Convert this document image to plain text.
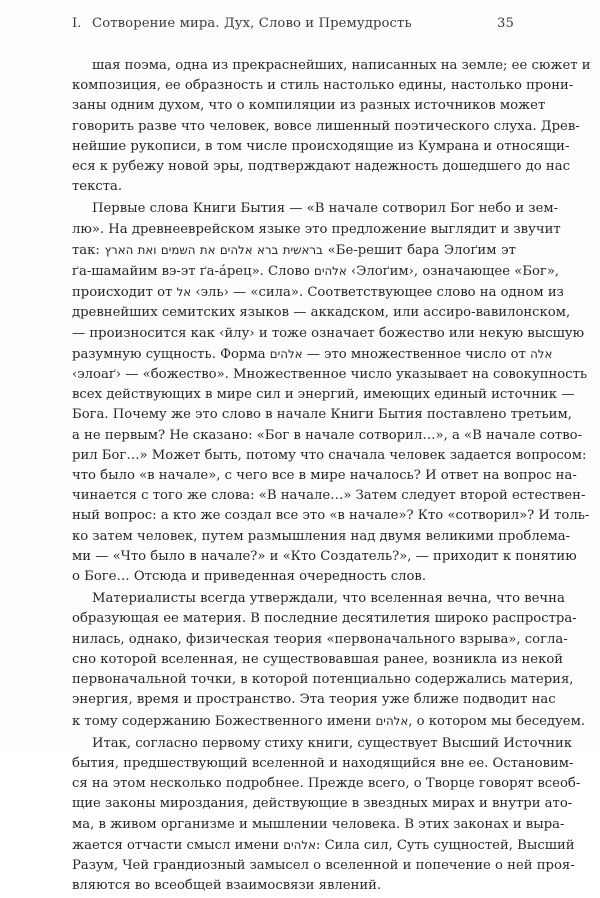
I. Сотворение мира. Дух, Слово и Премудрость	35
шая поэма, одна из прекраснейших, написанных на земле; ее сюжет и
композиция, ее образность и стиль настолько едины, настолько прони-
заны одним духом, что о компиляции из разных источников может
говорить разве что человек, вовсе лишенный поэтического слуха. Древ-
нейшие рукописи, в том числе происходящие из Кумрана и относящи-
еся к рубежу новой эры, подтверждают надежность дошедшего до нас
текста.
Первые слова Книги Бытия — «В начале сотворил Бог небо и зем-
лю». На древнееврейском языке это предложение выглядит и звучит
так: בראשית ברא אלהים את השמים ואת הארץ «Бе-решит бара Элоґим эт
ґа-шамайим вэ-эт ґа-áрец». Слово אלהים ‹Элоґим›, означающее «Бог»,
происходит от אל ‹эль› — «сила». Соответствующее слово на одном из
древнейших семитских языков — аккадском, или ассиро-вавилонском,
— произносится как ‹йлу› и тоже означает божество или некую высшую
разумную сущность. Форма אלהים — это множественное число от אלה
‹элоаґ› — «божество». Множественное число указывает на совокупность
всех действующих в мире сил и энергий, имеющих единый источник —
Бога. Почему же это слово в начале Книги Бытия поставлено третьим,
а не первым? Не сказано: «Бог в начале сотворил…», а «В начале сотво-
рил Бог…» Может быть, потому что сначала человек задается вопросом:
что было «в начале», с чего все в мире началось? И ответ на вопрос на-
чинается с того же слова: «В начале…» Затем следует второй естествен-
ный вопрос: а кто же создал все это «в начале»? Кто «сотворил»? И толь-
ко затем человек, путем размышления над двумя великими проблема-
ми — «Что было в начале?» и «Кто Создатель?», — приходит к понятию
о Боге… Отсюда и приведенная очередность слов.
Материалисты всегда утверждали, что вселенная вечна, что вечна
образующая ее материя. В последние десятилетия широко распростра-
нилась, однако, физическая теория «первоначального взрыва», согла-
сно которой вселенная, не существовавшая ранее, возникла из некой
первоначальной точки, в которой потенциально содержались материя,
энергия, время и пространство. Эта теория уже ближе подводит нас
к тому содержанию Божественного имени אלהים, о котором мы беседуем.
Итак, согласно первому стиху книги, существует Высший Источник
бытия, предшествующий вселенной и находящийся вне ее. Остановим-
ся на этом несколько подробнее. Прежде всего, о Творце говорят всеоб-
щие законы мироздания, действующие в звездных мирах и внутри ато-
ма, в живом организме и мышлении человека. В этих законах и выра-
жается отчасти смысл имени אלהים: Сила сил, Суть сущностей, Высший
Разум, Чей грандиозный замысел о вселенной и попечение о ней проя-
вляются во всеобщей взаимосвязи явлений.
